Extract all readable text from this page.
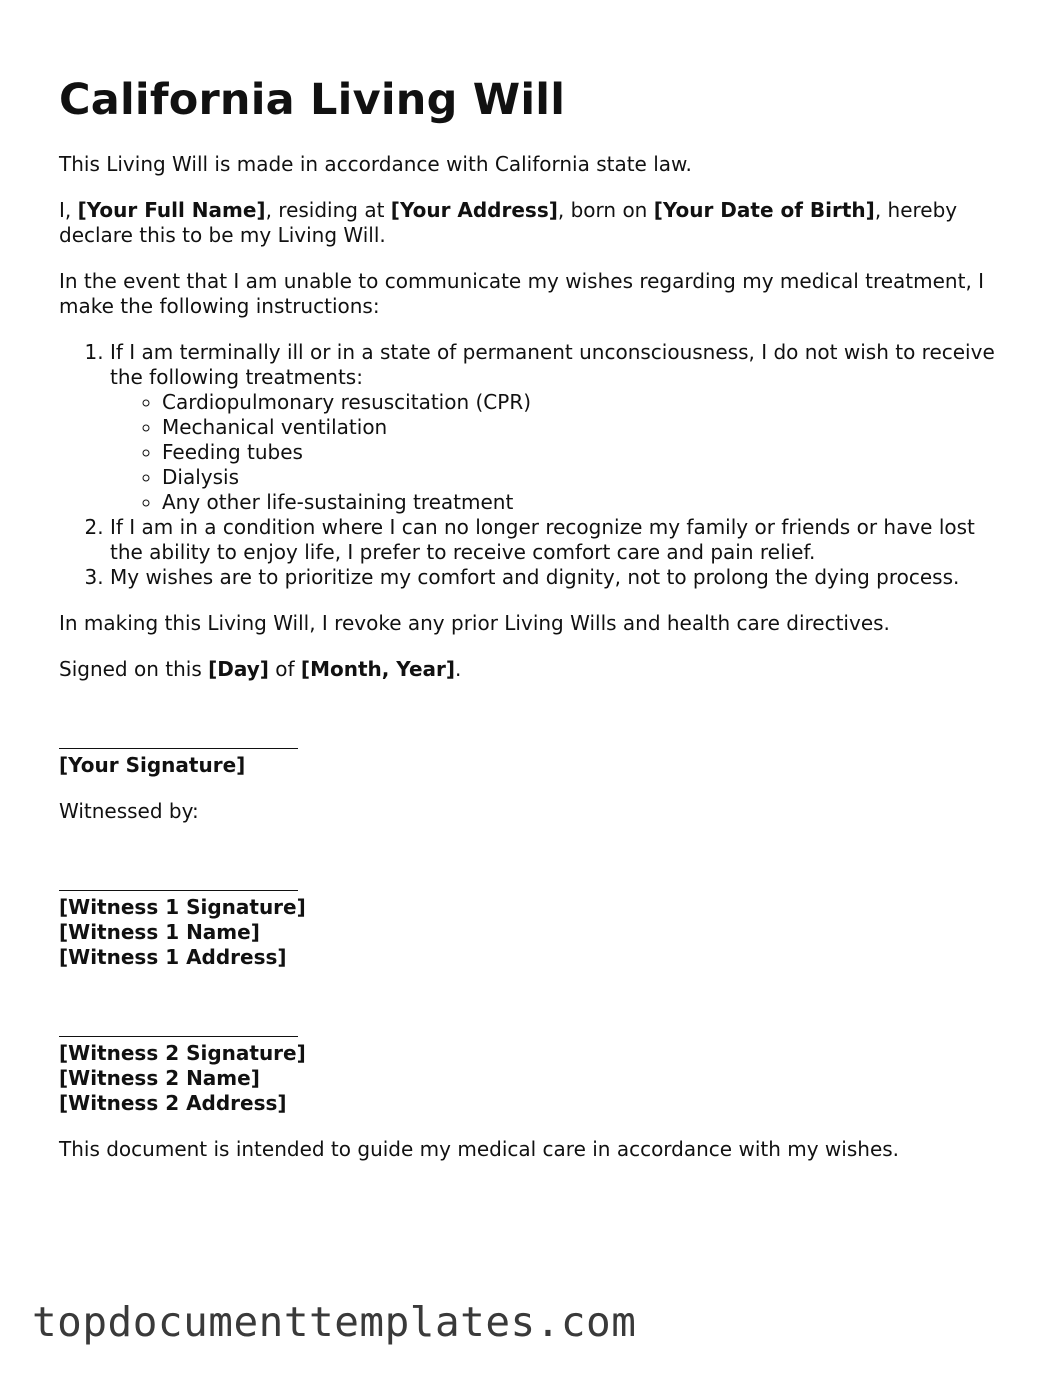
California Living Will

This Living Will is made in accordance with California state law.

I, [Your Full Name], residing at [Your Address], born on [Your Date of Birth], hereby declare this to be my Living Will.

In the event that I am unable to communicate my wishes regarding my medical treatment, I make the following instructions:

1. If I am terminally ill or in a state of permanent unconsciousness, I do not wish to receive the following treatments:
◦ Cardiopulmonary resuscitation (CPR)
◦ Mechanical ventilation
◦ Feeding tubes
◦ Dialysis
◦ Any other life-sustaining treatment
2. If I am in a condition where I can no longer recognize my family or friends or have lost the ability to enjoy life, I prefer to receive comfort care and pain relief.
3. My wishes are to prioritize my comfort and dignity, not to prolong the dying process.

In making this Living Will, I revoke any prior Living Wills and health care directives.

Signed on this [Day] of [Month, Year].

[Your Signature]

Witnessed by:

[Witness 1 Signature]
[Witness 1 Name]
[Witness 1 Address]
[Witness 2 Signature]
[Witness 2 Name]
[Witness 2 Address]

This document is intended to guide my medical care in accordance with my wishes.

topdocumenttemplates.com
